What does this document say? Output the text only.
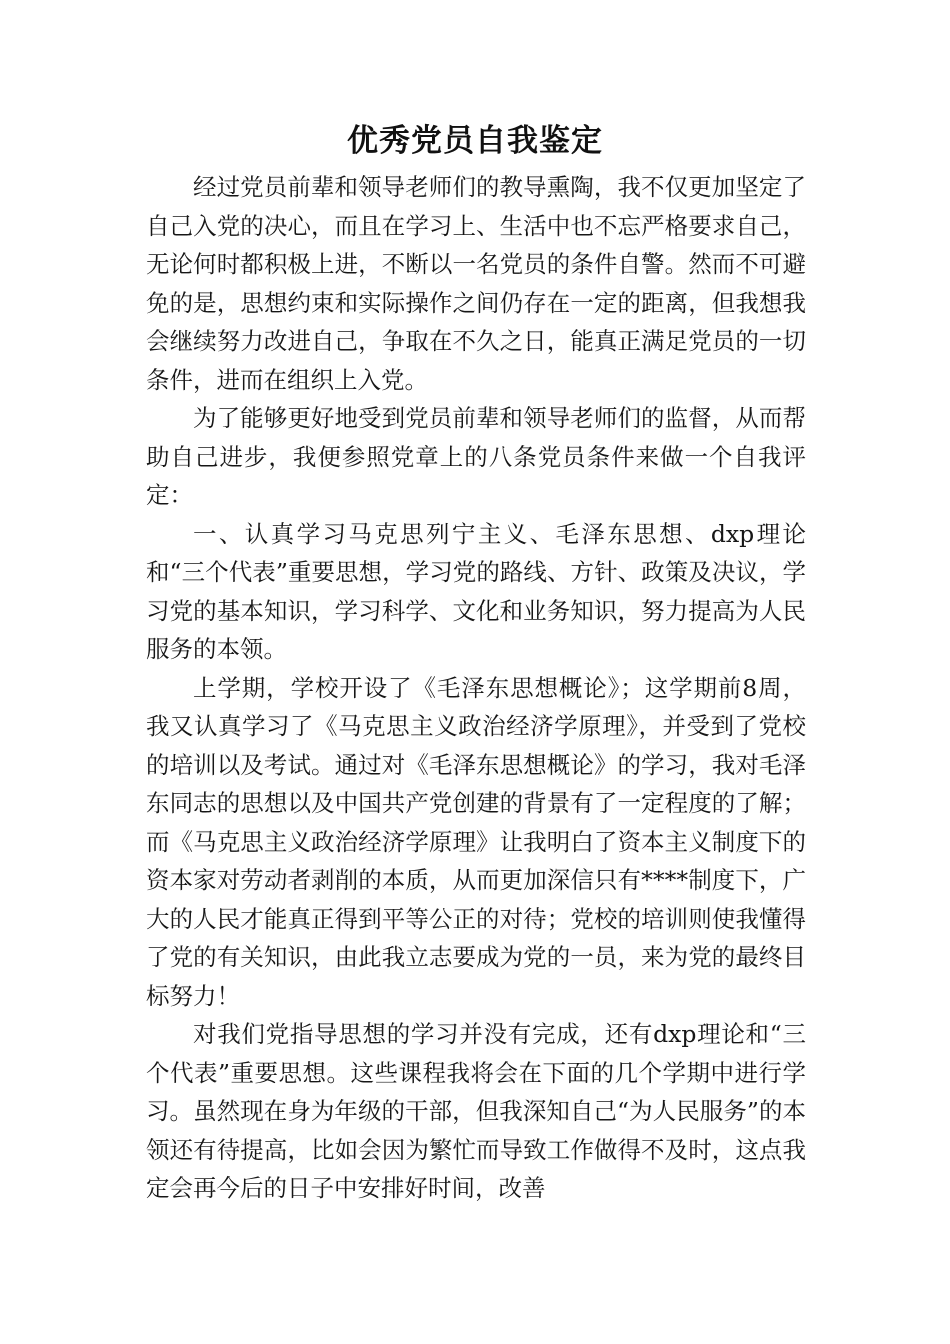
优秀党员自我鉴定

经过党员前辈和领导老师们的教导熏陶，我不仅更加坚定了自己入党的决心，而且在学习上、生活中也不忘严格要求自己，无论何时都积极上进，不断以一名党员的条件自警。然而不可避免的是，思想约束和实际操作之间仍存在一定的距离，但我想我会继续努力改进自己，争取在不久之日，能真正满足党员的一切条件，进而在组织上入党。

为了能够更好地受到党员前辈和领导老师们的监督，从而帮助自己进步，我便参照党章上的八条党员条件来做一个自我评定：

一、认真学习马克思列宁主义、毛泽东思想、dxp理论和“三个代表”重要思想，学习党的路线、方针、政策及决议，学习党的基本知识，学习科学、文化和业务知识，努力提高为人民服务的本领。

上学期，学校开设了《毛泽东思想概论》；这学期前8周，我又认真学习了《马克思主义政治经济学原理》，并受到了党校的培训以及考试。通过对《毛泽东思想概论》的学习，我对毛泽东同志的思想以及中国共产党创建的背景有了一定程度的了解；而《马克思主义政治经济学原理》让我明白了资本主义制度下的资本家对劳动者剥削的本质，从而更加深信只有****制度下，广大的人民才能真正得到平等公正的对待；党校的培训则使我懂得了党的有关知识，由此我立志要成为党的一员，来为党的最终目标努力！

对我们党指导思想的学习并没有完成，还有dxp理论和“三个代表”重要思想。这些课程我将会在下面的几个学期中进行学习。虽然现在身为年级的干部，但我深知自己“为人民服务”的本领还有待提高，比如会因为繁忙而导致工作做得不及时，这点我定会再今后的日子中安排好时间，改善
